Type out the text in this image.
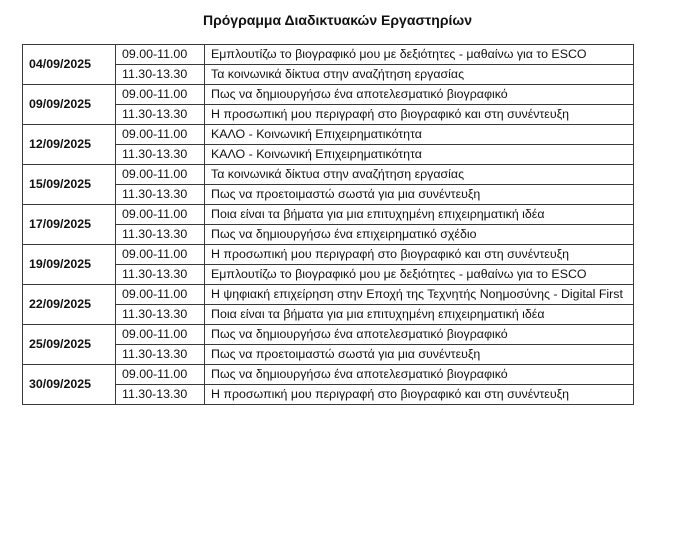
Πρόγραμμα Διαδικτυακών Εργαστηρίων
04/09/2025	09.00-11.00	Εμπλουτίζω το βιογραφικό μου με δεξιότητες - μαθαίνω για το ESCO
	11.30-13.30	Τα κοινωνικά δίκτυα στην αναζήτηση εργασίας
09/09/2025	09.00-11.00	Πως να δημιουργήσω ένα αποτελεσματικό βιογραφικό
	11.30-13.30	Η προσωπική μου περιγραφή στο βιογραφικό και στη συνέντευξη
12/09/2025	09.00-11.00	ΚΑΛΟ - Κοινωνική Επιχειρηματικότητα
	11.30-13.30	ΚΑΛΟ - Κοινωνική Επιχειρηματικότητα
15/09/2025	09.00-11.00	Τα κοινωνικά δίκτυα στην αναζήτηση εργασίας
	11.30-13.30	Πως να προετοιμαστώ σωστά για μια συνέντευξη
17/09/2025	09.00-11.00	Ποια είναι τα βήματα για μια επιτυχημένη επιχειρηματική ιδέα
	11.30-13.30	Πως να δημιουργήσω ένα επιχειρηματικό σχέδιο
19/09/2025	09.00-11.00	Η προσωπική μου περιγραφή στο βιογραφικό και στη συνέντευξη
	11.30-13.30	Εμπλουτίζω το βιογραφικό μου με δεξιότητες - μαθαίνω για το ESCO
22/09/2025	09.00-11.00	Η ψηφιακή επιχείρηση στην Εποχή της Τεχνητής Νοημοσύνης - Digital First
	11.30-13.30	Ποια είναι τα βήματα για μια επιτυχημένη επιχειρηματική ιδέα
25/09/2025	09.00-11.00	Πως να δημιουργήσω ένα αποτελεσματικό βιογραφικό
	11.30-13.30	Πως να προετοιμαστώ σωστά για μια συνέντευξη
30/09/2025	09.00-11.00	Πως να δημιουργήσω ένα αποτελεσματικό βιογραφικό
	11.30-13.30	Η προσωπική μου περιγραφή στο βιογραφικό και στη συνέντευξη
